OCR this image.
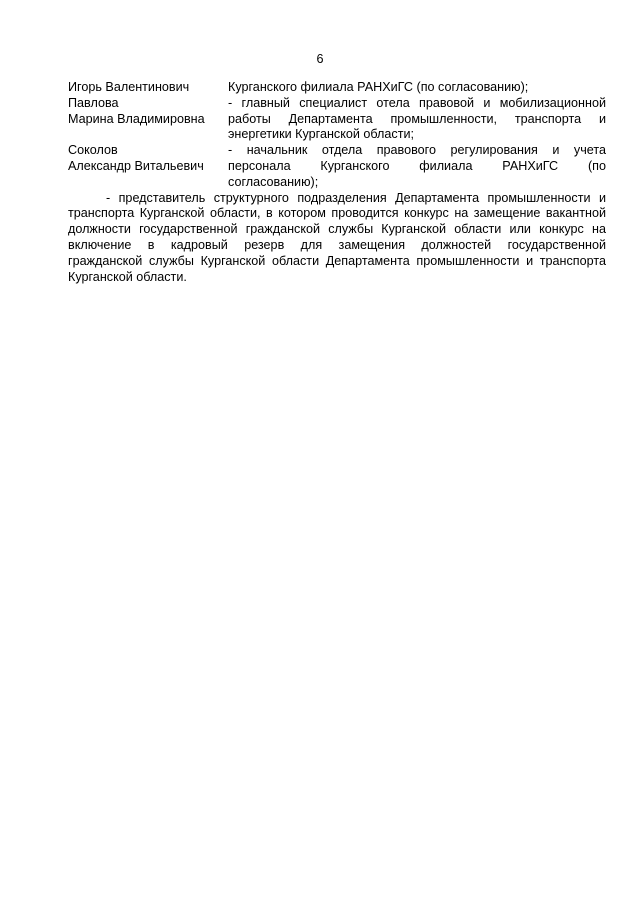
6
Игорь Валентинович	Курганского филиала РАНХиГС (по согласованию);
Павлова
Марина Владимировна
- главный специалист отела правовой и мобилизационной
работы Департамента промышленности, транспорта и
энергетики Курганской области;
Соколов
Александр Витальевич
- начальник отдела правового регулирования и учета
персонала Курганского филиала РАНХиГС (по
согласованию);
- представитель структурного подразделения Департамента промышленности и
транспорта Курганской области, в котором проводится конкурс на замещение вакантной
должности государственной гражданской службы Курганской области или конкурс на
включение в кадровый резерв для замещения должностей государственной
гражданской службы Курганской области Департамента промышленности и транспорта
Курганской области.
